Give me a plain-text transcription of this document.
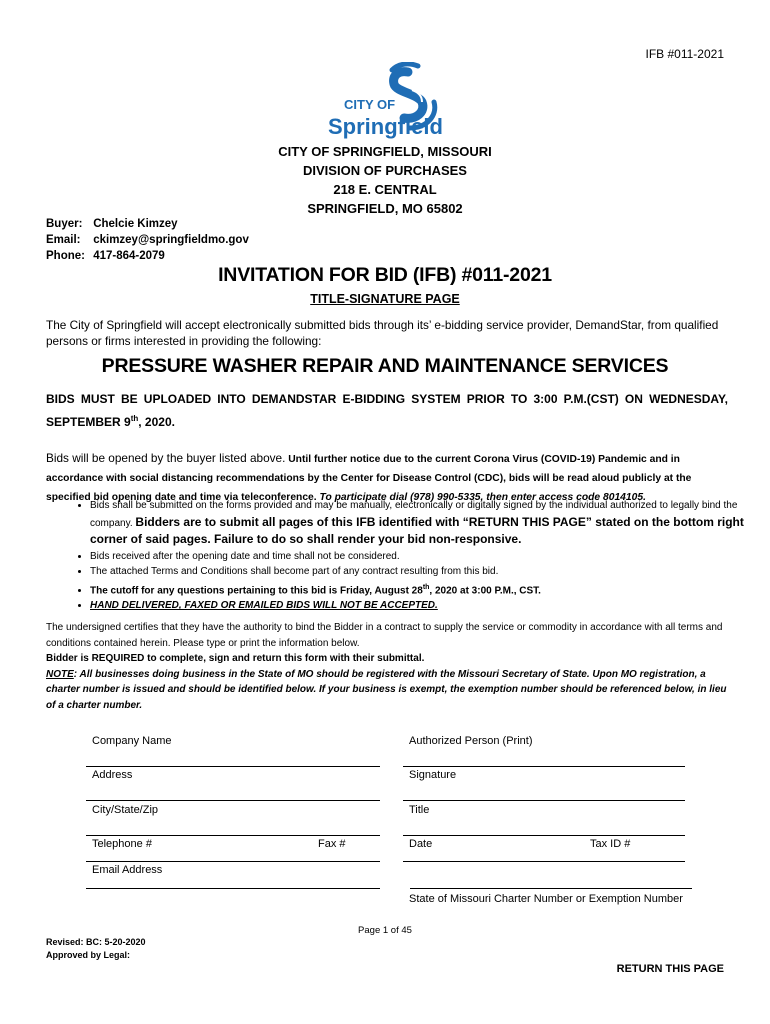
IFB #011-2021
CITY OF
Springfield
CITY OF SPRINGFIELD, MISSOURI
DIVISION OF PURCHASES
218 E. CENTRAL
SPRINGFIELD, MO 65802
Buyer: Chelcie Kimzey
Email: ckimzey@springfieldmo.gov
Phone: 417-864-2079
INVITATION FOR BID (IFB) #011-2021
TITLE-SIGNATURE PAGE
The City of Springfield will accept electronically submitted bids through its’ e-bidding service provider, DemandStar, from qualified persons or firms interested in providing the following:
PRESSURE WASHER REPAIR AND MAINTENANCE SERVICES
BIDS MUST BE UPLOADED INTO DEMANDSTAR E-BIDDING SYSTEM PRIOR TO 3:00 P.M.(CST) ON WEDNESDAY, SEPTEMBER 9th, 2020.
Bids will be opened by the buyer listed above. Until further notice due to the current Corona Virus (COVID-19) Pandemic and in accordance with social distancing recommendations by the Center for Disease Control (CDC), bids will be read aloud publicly at the specified bid opening date and time via teleconference. To participate dial (978) 990-5335, then enter access code 8014105.
• Bids shall be submitted on the forms provided and may be manually, electronically or digitally signed by the individual authorized to legally bind the company. Bidders are to submit all pages of this IFB identified with “RETURN THIS PAGE” stated on the bottom right corner of said pages. Failure to do so shall render your bid non-responsive.
• Bids received after the opening date and time shall not be considered.
• The attached Terms and Conditions shall become part of any contract resulting from this bid.
• The cutoff for any questions pertaining to this bid is Friday, August 28th, 2020 at 3:00 P.M., CST.
• HAND DELIVERED, FAXED OR EMAILED BIDS WILL NOT BE ACCEPTED.
The undersigned certifies that they have the authority to bind the Bidder in a contract to supply the service or commodity in accordance with all terms and conditions contained herein. Please type or print the information below.
Bidder is REQUIRED to complete, sign and return this form with their submittal.
NOTE: All businesses doing business in the State of MO should be registered with the Missouri Secretary of State. Upon MO registration, a charter number is issued and should be identified below. If your business is exempt, the exemption number should be referenced below, in lieu of a charter number.
Company Name	Authorized Person (Print)
Address	Signature
City/State/Zip	Title
Telephone #	Fax #	Date	Tax ID #
Email Address
State of Missouri Charter Number or Exemption Number
Page 1 of 45
Revised: BC: 5-20-2020
Approved by Legal:
RETURN THIS PAGE
